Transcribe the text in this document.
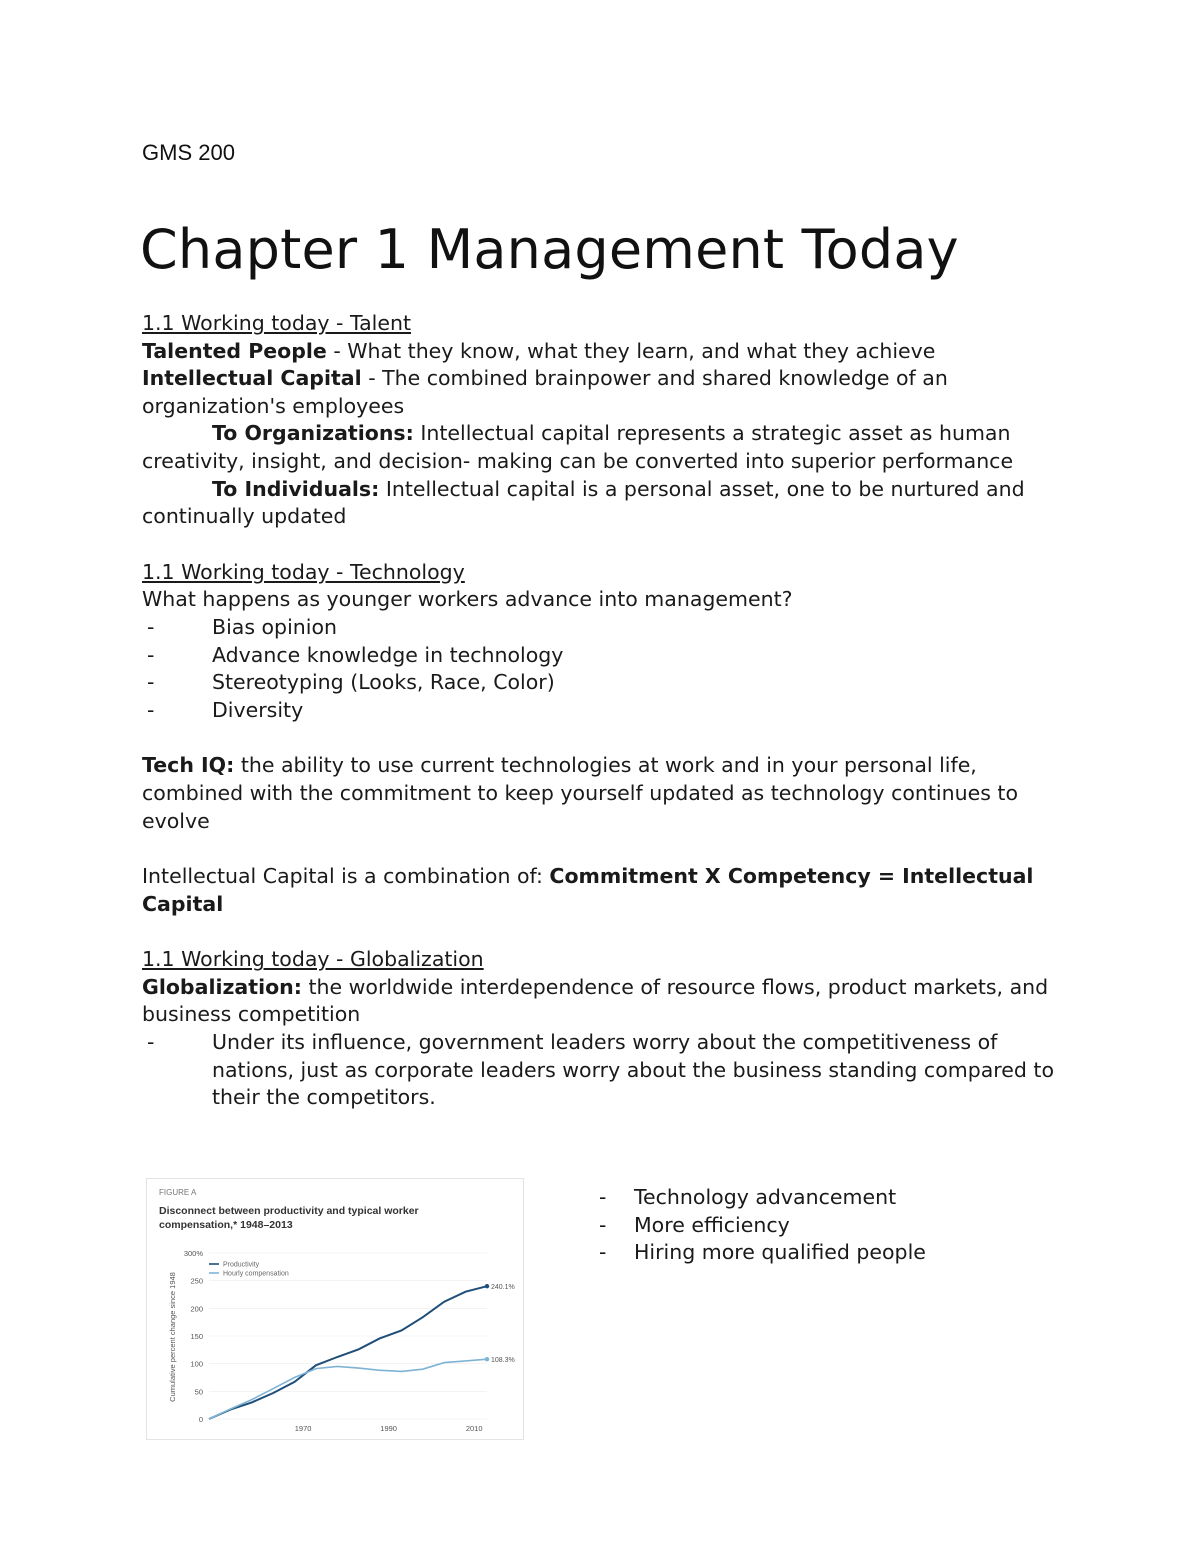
GMS 200
Chapter 1 Management Today

1.1 Working today - Talent

Talented People - What they know, what they learn, and what they achieve

Intellectual Capital - The combined brainpower and shared knowledge of an organization's employees

To Organizations: Intellectual capital represents a strategic asset as human creativity, insight, and decision- making can be converted into superior performance

To Individuals: Intellectual capital is a personal asset, one to be nurtured and continually updated

1.1 Working today - Technology

What happens as younger workers advance into management?

- Bias opinion
- Advance knowledge in technology
- Stereotyping (Looks, Race, Color)
- Diversity

Tech IQ: the ability to use current technologies at work and in your personal life, combined with the commitment to keep yourself updated as technology continues to evolve

Intellectual Capital is a combination of: Commitment X Competency = Intellectual Capital

1.1 Working today - Globalization

Globalization: the worldwide interdependence of resource flows, product markets, and business competition

- Under its influence, government leaders worry about the competitiveness of nations, just as corporate leaders worry about the business standing compared to their the competitors.
FIGURE A
Disconnect between productivity and typical worker
compensation,* 1948–2013
Cumulative percent change since 1948
300%
250
200
150
100
50
0
1970	1990	2010
Productivity
Hourly compensation
240.1%
108.3%
- Technology advancement
- More efficiency
- Hiring more qualified people
